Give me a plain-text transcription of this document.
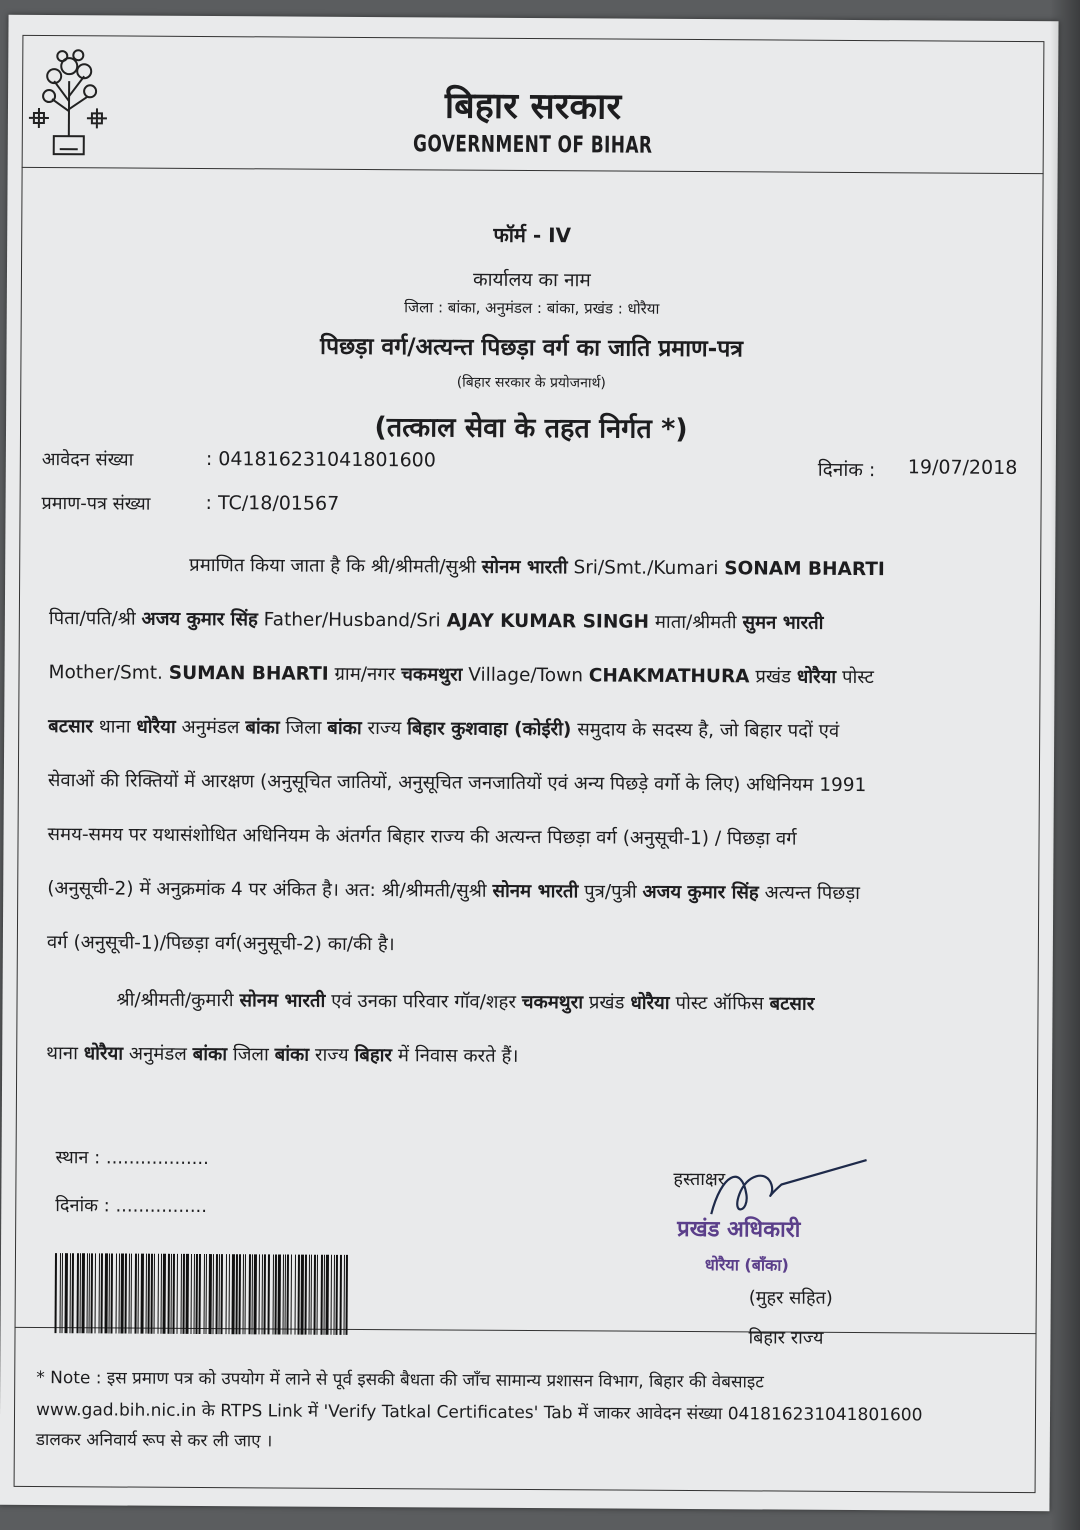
बिहार सरकार
GOVERNMENT OF BIHAR
फॉर्म - IV
कार्यालय का नाम
जिला : बांका, अनुमंडल : बांका, प्रखंड : धोरैया
पिछड़ा वर्ग/अत्यन्त पिछड़ा वर्ग का जाति प्रमाण-पत्र
(बिहार सरकार के प्रयोजनार्थ)
(तत्काल सेवा के तहत निर्गत *)
आवेदन संख्या	: 041816231041801600	दिनांक : 19/07/2018
प्रमाण-पत्र संख्या	: TC/18/01567
प्रमाणित किया जाता है कि श्री/श्रीमती/सुश्री सोनम भारती Sri/Smt./Kumari SONAM BHARTI
पिता/पति/श्री अजय कुमार सिंह Father/Husband/Sri AJAY KUMAR SINGH माता/श्रीमती सुमन भारती
Mother/Smt. SUMAN BHARTI ग्राम/नगर चकमथुरा Village/Town CHAKMATHURA प्रखंड धोरैया पोस्ट
बटसार थाना धोरैया अनुमंडल बांका जिला बांका राज्य बिहार कुशवाहा (कोईरी) समुदाय के सदस्य है, जो बिहार पदों एवं
सेवाओं की रिक्तियों में आरक्षण (अनुसूचित जातियों, अनुसूचित जनजातियों एवं अन्य पिछड़े वर्गो के लिए) अधिनियम 1991
समय-समय पर यथासंशोधित अधिनियम के अंतर्गत बिहार राज्य की अत्यन्त पिछड़ा वर्ग (अनुसूची-1) / पिछड़ा वर्ग
(अनुसूची-2) में अनुक्रमांक 4 पर अंकित है। अत: श्री/श्रीमती/सुश्री सोनम भारती पुत्र/पुत्री अजय कुमार सिंह अत्यन्त पिछड़ा
वर्ग (अनुसूची-1)/पिछड़ा वर्ग(अनुसूची-2) का/की है।
श्री/श्रीमती/कुमारी सोनम भारती एवं उनका परिवार गॉव/शहर चकमथुरा प्रखंड धोरैया पोस्ट ऑफिस बटसार
थाना धोरैया अनुमंडल बांका जिला बांका राज्य बिहार में निवास करते हैं।
स्थान : ..................
दिनांक : ................
हस्ताक्षर
प्रखंड अधिकारी
धोरैया (बाँका)
(मुहर सहित)
बिहार राज्य
* Note : इस प्रमाण पत्र को उपयोग में लाने से पूर्व इसकी बैधता की जाँच सामान्य प्रशासन विभाग, बिहार की वेबसाइट
www.gad.bih.nic.in के RTPS Link में 'Verify Tatkal Certificates' Tab में जाकर आवेदन संख्या 041816231041801600
डालकर अनिवार्य रूप से कर ली जाए ।
